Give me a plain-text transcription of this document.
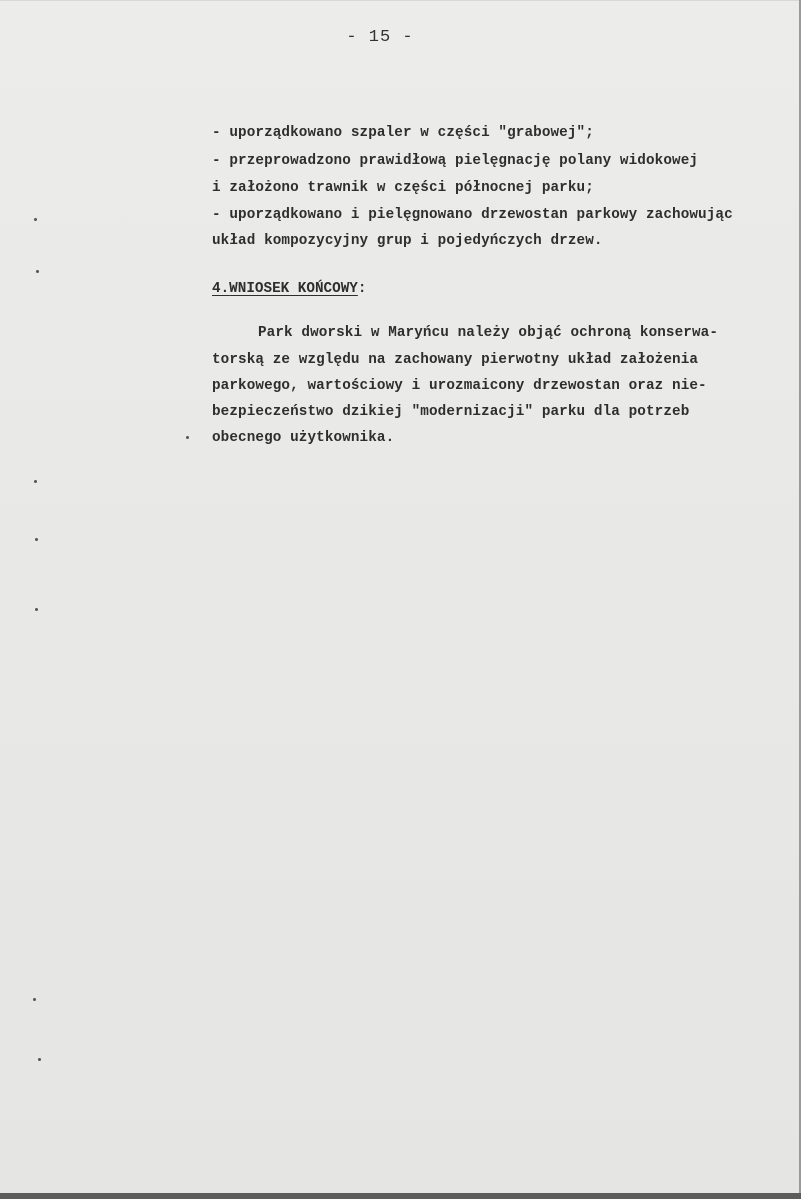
- 15 -
- uporządkowano szpaler w części "grabowej";
- przeprowadzono prawidłową pielęgnację polany widokowej
i założono trawnik w części północnej parku;
- uporządkowano i pielęgnowano drzewostan parkowy zachowując
układ kompozycyjny grup i pojedyńczych drzew.
4.WNIOSEK KOŃCOWY:
Park dworski w Maryńcu należy objąć ochroną konserwa-
torską ze względu na zachowany pierwotny układ założenia
parkowego, wartościowy i urozmaicony drzewostan oraz nie-
bezpieczeństwo dzikiej "modernizacji" parku dla potrzeb
obecnego użytkownika.
